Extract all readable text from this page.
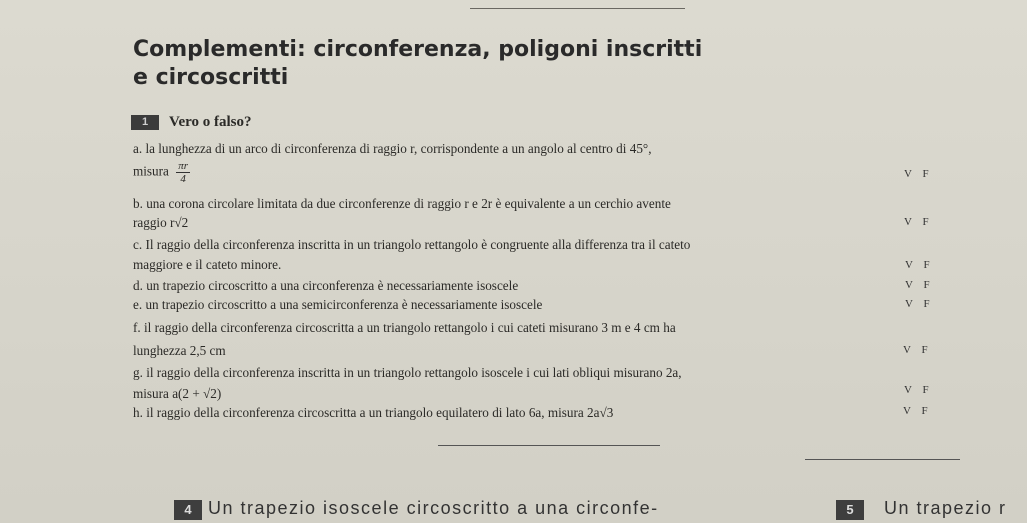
Complementi: circonferenza, poligoni inscritti
e circoscritti
1	Vero o falso?
a. la lunghezza di un arco di circonferenza di raggio r, corrispondente a un angolo al centro di 45°,
misura $\frac{\pi r}{4}$	V F
b. una corona circolare limitata da due circonferenze di raggio r e 2r è equivalente a un cerchio avente
raggio r√2	V F
c. Il raggio della circonferenza inscritta in un triangolo rettangolo è congruente alla differenza tra il cateto
maggiore e il cateto minore.	V F
d. un trapezio circoscritto a una circonferenza è necessariamente isoscele	V F
e. un trapezio circoscritto a una semicirconferenza è necessariamente isoscele	V F
f. il raggio della circonferenza circoscritta a un triangolo rettangolo i cui cateti misurano 3 m e 4 cm ha
lunghezza 2,5 cm	V F
g. il raggio della circonferenza inscritta in un triangolo rettangolo isoscele i cui lati obliqui misurano 2a,
misura a(2 + √2)	V F
h. il raggio della circonferenza circoscritta a un triangolo equilatero di lato 6a, misura 2a√3	V F
4 Un trapezio isoscele circoscritto a una circonfe-	5	Un trapezio r
